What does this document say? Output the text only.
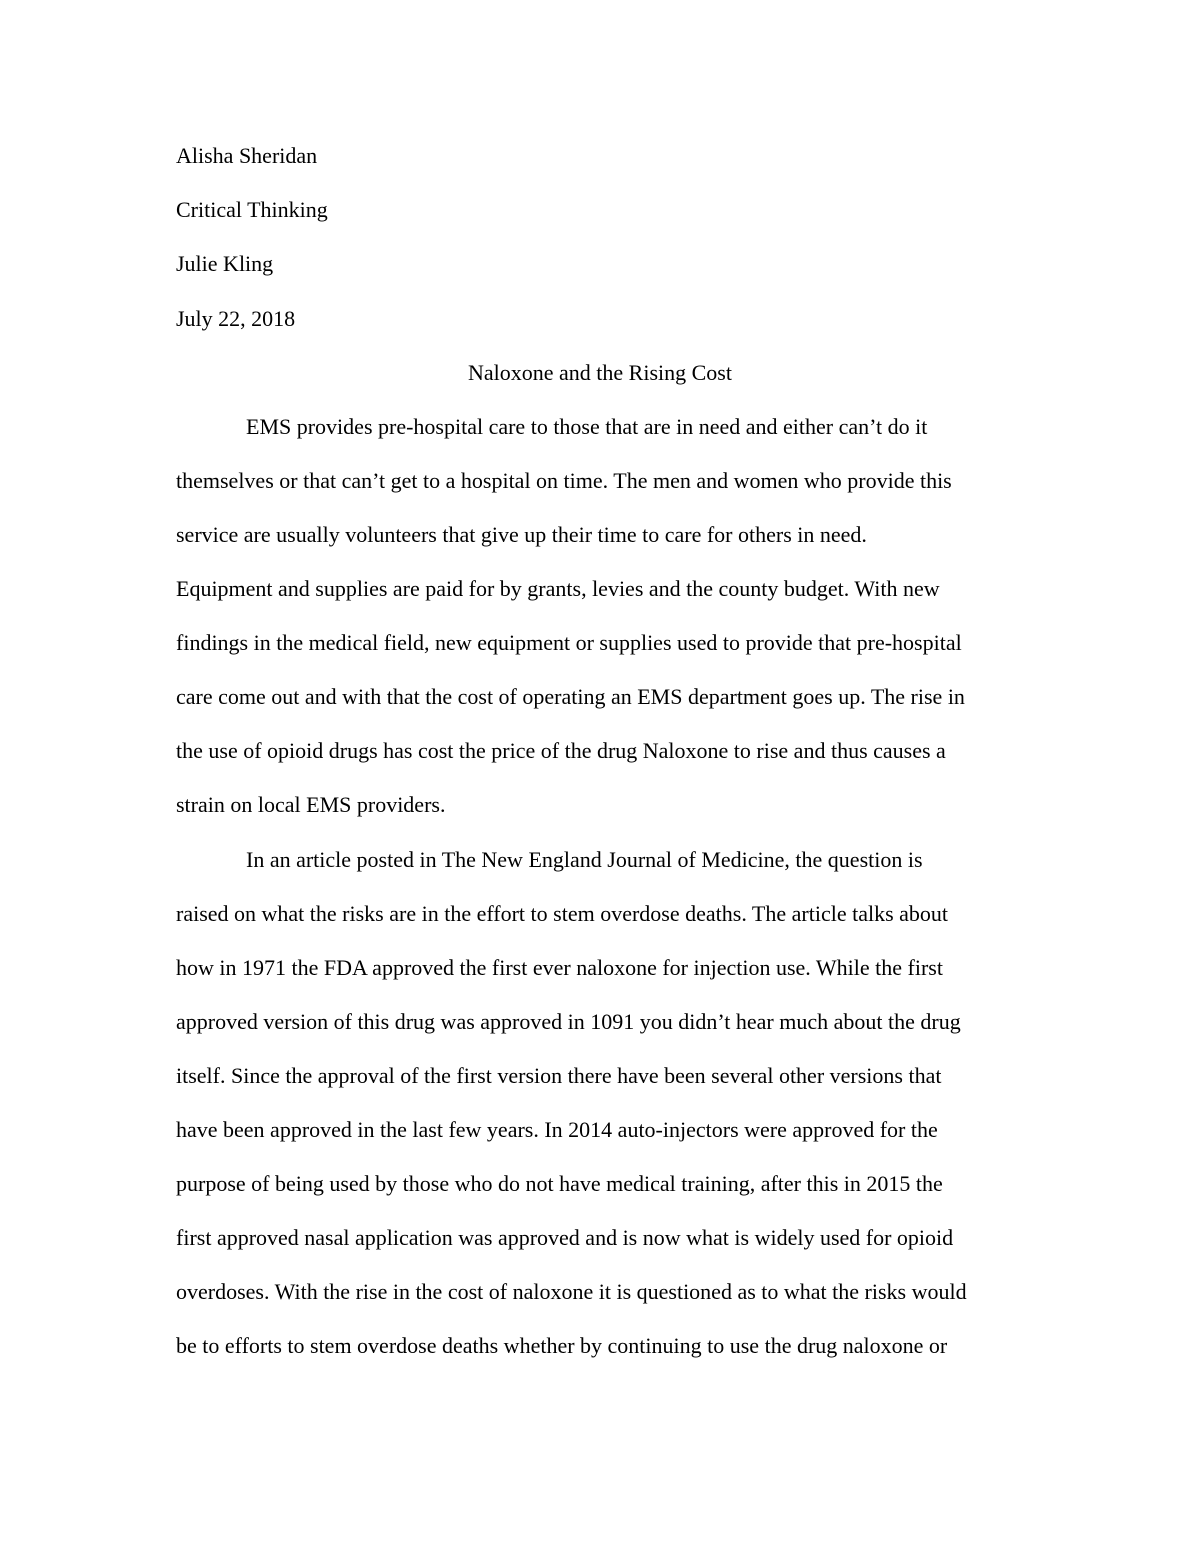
Alisha Sheridan
Critical Thinking
Julie Kling
July 22, 2018
Naloxone and the Rising Cost
EMS provides pre-hospital care to those that are in need and either can’t do it
themselves or that can’t get to a hospital on time. The men and women who provide this
service are usually volunteers that give up their time to care for others in need.
Equipment and supplies are paid for by grants, levies and the county budget. With new
findings in the medical field, new equipment or supplies used to provide that pre-hospital
care come out and with that the cost of operating an EMS department goes up. The rise in
the use of opioid drugs has cost the price of the drug Naloxone to rise and thus causes a
strain on local EMS providers.
In an article posted in The New England Journal of Medicine, the question is
raised on what the risks are in the effort to stem overdose deaths. The article talks about
how in 1971 the FDA approved the first ever naloxone for injection use. While the first
approved version of this drug was approved in 1091 you didn’t hear much about the drug
itself. Since the approval of the first version there have been several other versions that
have been approved in the last few years. In 2014 auto-injectors were approved for the
purpose of being used by those who do not have medical training, after this in 2015 the
first approved nasal application was approved and is now what is widely used for opioid
overdoses. With the rise in the cost of naloxone it is questioned as to what the risks would
be to efforts to stem overdose deaths whether by continuing to use the drug naloxone or
